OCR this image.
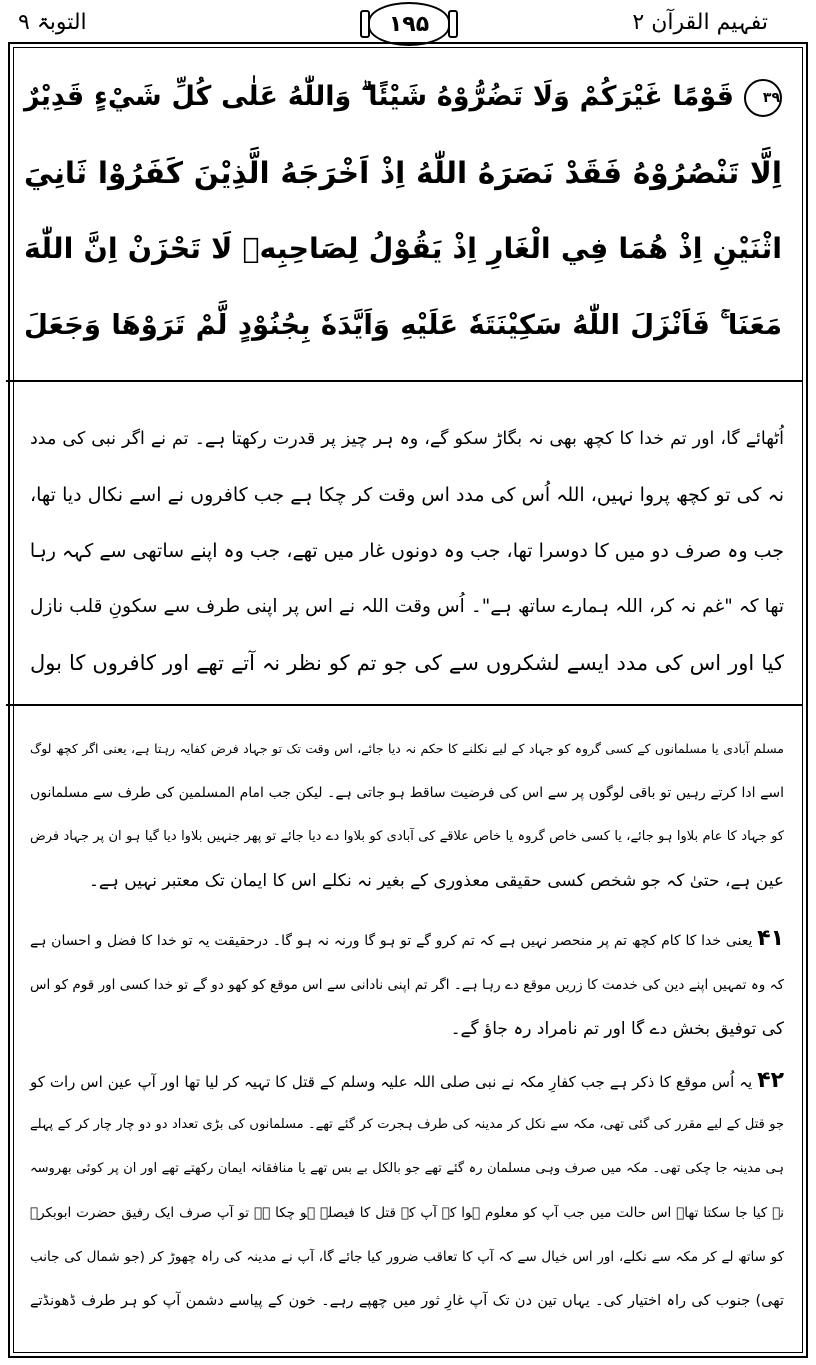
التوبۃ ۹	۱۹۵	تفہیم القرآن ۲
۳۹قَوْمًا غَيْرَكُمْ وَلَا تَضُرُّوْهُ شَيْئًا ۗ وَاللّٰهُ عَلٰى كُلِّ شَيْءٍ قَدِيْرٌ
اِلَّا تَنْصُرُوْهُ فَقَدْ نَصَرَهُ اللّٰهُ اِذْ اَخْرَجَهُ الَّذِيْنَ كَفَرُوْا ثَانِيَ
اثْنَيْنِ اِذْ هُمَا فِي الْغَارِ اِذْ يَقُوْلُ لِصَاحِبِهٖ لَا تَحْزَنْ اِنَّ اللّٰهَ
مَعَنَا ۚ فَاَنْزَلَ اللّٰهُ سَكِيْنَتَهٗ عَلَيْهِ وَاَيَّدَهٗ بِجُنُوْدٍ لَّمْ تَرَوْهَا وَجَعَلَ
اُٹھائے گا، اور تم خدا کا کچھ بھی نہ بگاڑ سکو گے، وہ ہر چیز پر قدرت رکھتا ہے۔ تم نے اگر نبی کی مدد
نہ کی تو کچھ پروا نہیں، اللہ اُس کی مدد اس وقت کر چکا ہے جب کافروں نے اسے نکال دیا تھا،
جب وہ صرف دو میں کا دوسرا تھا، جب وہ دونوں غار میں تھے، جب وہ اپنے ساتھی سے کہہ رہا
تھا کہ "غم نہ کر، اللہ ہمارے ساتھ ہے"۔ اُس وقت اللہ نے اس پر اپنی طرف سے سکونِ قلب نازل
کیا اور اس کی مدد ایسے لشکروں سے کی جو تم کو نظر نہ آتے تھے اور کافروں کا بول
مسلم آبادی یا مسلمانوں کے کسی گروہ کو جہاد کے لیے نکلنے کا حکم نہ دیا جائے، اس وقت تک تو جہاد فرض کفایہ رہتا ہے، یعنی اگر کچھ لوگ
اسے ادا کرتے رہیں تو باقی لوگوں پر سے اس کی فرضیت ساقط ہو جاتی ہے۔ لیکن جب امام المسلمین کی طرف سے مسلمانوں
کو جہاد کا عام بلاوا ہو جائے، یا کسی خاص گروہ یا خاص علاقے کی آبادی کو بلاوا دے دیا جائے تو پھر جنہیں بلاوا دیا گیا ہو ان پر جہاد فرض
عین ہے، حتیٰ کہ جو شخص کسی حقیقی معذوری کے بغیر نہ نکلے اس کا ایمان تک معتبر نہیں ہے۔
۴۱ یعنی خدا کا کام کچھ تم پر منحصر نہیں ہے کہ تم کرو گے تو ہو گا ورنہ نہ ہو گا۔ درحقیقت یہ تو خدا کا فضل و احسان ہے
کہ وہ تمہیں اپنے دین کی خدمت کا زریں موقع دے رہا ہے۔ اگر تم اپنی نادانی سے اس موقع کو کھو دو گے تو خدا کسی اور قوم کو اس
کی توفیق بخش دے گا اور تم نامراد رہ جاؤ گے۔
۴۲ یہ اُس موقع کا ذکر ہے جب کفارِ مکہ نے نبی صلی اللہ علیہ وسلم کے قتل کا تہیہ کر لیا تھا اور آپ عین اس رات کو
جو قتل کے لیے مقرر کی گئی تھی، مکہ سے نکل کر مدینہ کی طرف ہجرت کر گئے تھے۔ مسلمانوں کی بڑی تعداد دو دو چار چار کر کے پہلے
ہی مدینہ جا چکی تھی۔ مکہ میں صرف وہی مسلمان رہ گئے تھے جو بالکل بے بس تھے یا منافقانہ ایمان رکھتے تھے اور ان پر کوئی بھروسہ
نہ کیا جا سکتا تھا۔ اس حالت میں جب آپ کو معلوم ہوا کہ آپ کے قتل کا فیصلہ ہو چکا ہے تو آپ صرف ایک رفیق حضرت ابوبکرؓ
کو ساتھ لے کر مکہ سے نکلے، اور اس خیال سے کہ آپ کا تعاقب ضرور کیا جائے گا، آپ نے مدینہ کی راہ چھوڑ کر (جو شمال کی جانب
تھی) جنوب کی راہ اختیار کی۔ یہاں تین دن تک آپ غارِ ثور میں چھپے رہے۔ خون کے پیاسے دشمن آپ کو ہر طرف ڈھونڈتے
